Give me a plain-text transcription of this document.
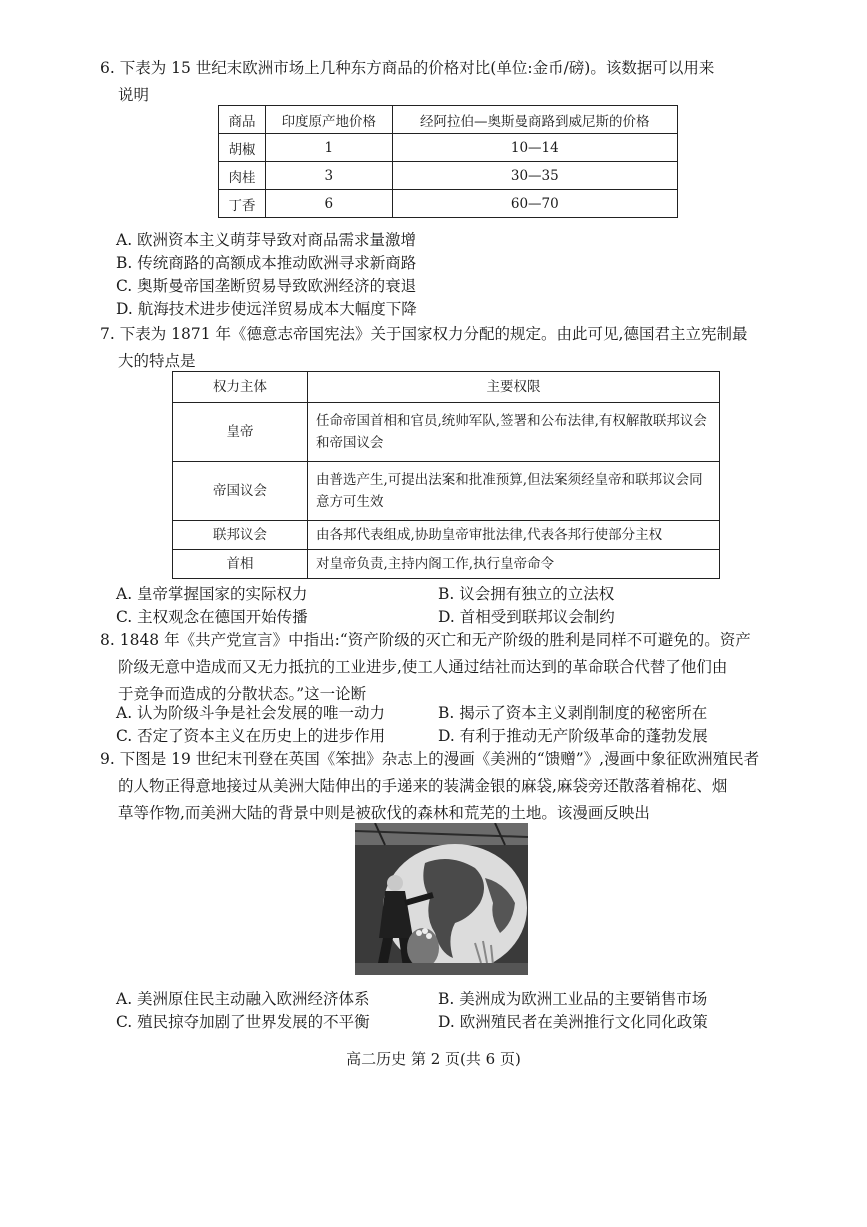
6. 下表为 15 世纪末欧洲市场上几种东方商品的价格对比(单位:金币/磅)。该数据可以用来
说明
商品	印度原产地价格	经阿拉伯—奥斯曼商路到威尼斯的价格
胡椒	1	10—14
肉桂	3	30—35
丁香	6	60—70
A. 欧洲资本主义萌芽导致对商品需求量激增
B. 传统商路的高额成本推动欧洲寻求新商路
C. 奥斯曼帝国垄断贸易导致欧洲经济的衰退
D. 航海技术进步使远洋贸易成本大幅度下降
7. 下表为 1871 年《德意志帝国宪法》关于国家权力分配的规定。由此可见,德国君主立宪制最
大的特点是
权力主体	主要权限
皇帝	任命帝国首相和官员,统帅军队,签署和公布法律,有权解散联邦议会和帝国议会
帝国议会	由普选产生,可提出法案和批准预算,但法案须经皇帝和联邦议会同意方可生效
联邦议会	由各邦代表组成,协助皇帝审批法律,代表各邦行使部分主权
首相	对皇帝负责,主持内阁工作,执行皇帝命令
A. 皇帝掌握国家的实际权力	B. 议会拥有独立的立法权
C. 主权观念在德国开始传播	D. 首相受到联邦议会制约
8. 1848 年《共产党宣言》中指出:“资产阶级的灭亡和无产阶级的胜利是同样不可避免的。资产
阶级无意中造成而又无力抵抗的工业进步,使工人通过结社而达到的革命联合代替了他们由
于竞争而造成的分散状态。”这一论断
A. 认为阶级斗争是社会发展的唯一动力	B. 揭示了资本主义剥削制度的秘密所在
C. 否定了资本主义在历史上的进步作用	D. 有利于推动无产阶级革命的蓬勃发展
9. 下图是 19 世纪末刊登在英国《笨拙》杂志上的漫画《美洲的“馈赠”》,漫画中象征欧洲殖民者
的人物正得意地接过从美洲大陆伸出的手递来的装满金银的麻袋,麻袋旁还散落着棉花、烟
草等作物,而美洲大陆的背景中则是被砍伐的森林和荒芜的土地。该漫画反映出
A. 美洲原住民主动融入欧洲经济体系	B. 美洲成为欧洲工业品的主要销售市场
C. 殖民掠夺加剧了世界发展的不平衡	D. 欧洲殖民者在美洲推行文化同化政策
高二历史 第 2 页(共 6 页)
